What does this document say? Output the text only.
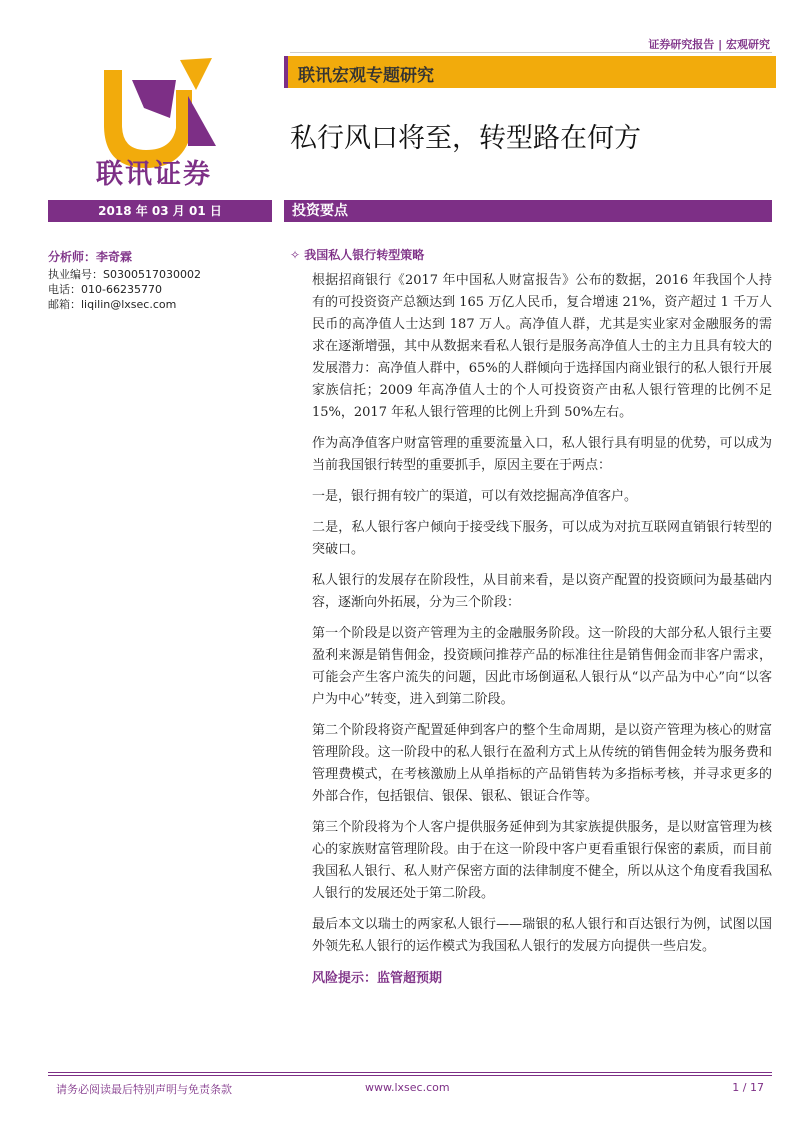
证券研究报告 | 宏观研究
联讯证券
联讯宏观专题研究
私行风口将至，转型路在何方
2018 年 03 月 01 日	投资要点
分析师：李奇霖
执业编号：S0300517030002
电话：010-66235770
邮箱：liqilin@lxsec.com
✧ 我国私人银行转型策略

根据招商银行《2017 年中国私人财富报告》公布的数据，2016 年我国个人持有的可投资资产总额达到 165 万亿人民币，复合增速 21%，资产超过 1 千万人民币的高净值人士达到 187 万人。高净值人群，尤其是实业家对金融服务的需求在逐渐增强，其中从数据来看私人银行是服务高净值人士的主力且具有较大的发展潜力：高净值人群中，65%的人群倾向于选择国内商业银行的私人银行开展家族信托；2009 年高净值人士的个人可投资资产由私人银行管理的比例不足 15%，2017 年私人银行管理的比例上升到 50%左右。

作为高净值客户财富管理的重要流量入口，私人银行具有明显的优势，可以成为当前我国银行转型的重要抓手，原因主要在于两点：

一是，银行拥有较广的渠道，可以有效挖掘高净值客户。

二是，私人银行客户倾向于接受线下服务，可以成为对抗互联网直销银行转型的突破口。

私人银行的发展存在阶段性，从目前来看，是以资产配置的投资顾问为最基础内容，逐渐向外拓展，分为三个阶段：

第一个阶段是以资产管理为主的金融服务阶段。这一阶段的大部分私人银行主要盈利来源是销售佣金，投资顾问推荐产品的标准往往是销售佣金而非客户需求，可能会产生客户流失的问题，因此市场倒逼私人银行从“以产品为中心”向“以客户为中心”转变，进入到第二阶段。

第二个阶段将资产配置延伸到客户的整个生命周期，是以资产管理为核心的财富管理阶段。这一阶段中的私人银行在盈利方式上从传统的销售佣金转为服务费和管理费模式，在考核激励上从单指标的产品销售转为多指标考核，并寻求更多的外部合作，包括银信、银保、银私、银证合作等。

第三个阶段将为个人客户提供服务延伸到为其家族提供服务，是以财富管理为核心的家族财富管理阶段。由于在这一阶段中客户更看重银行保密的素质，而目前我国私人银行、私人财产保密方面的法律制度不健全，所以从这个角度看我国私人银行的发展还处于第二阶段。

最后本文以瑞士的两家私人银行——瑞银的私人银行和百达银行为例，试图以国外领先私人银行的运作模式为我国私人银行的发展方向提供一些启发。

风险提示：监管超预期
请务必阅读最后特别声明与免责条款	www.lxsec.com	1 / 17
